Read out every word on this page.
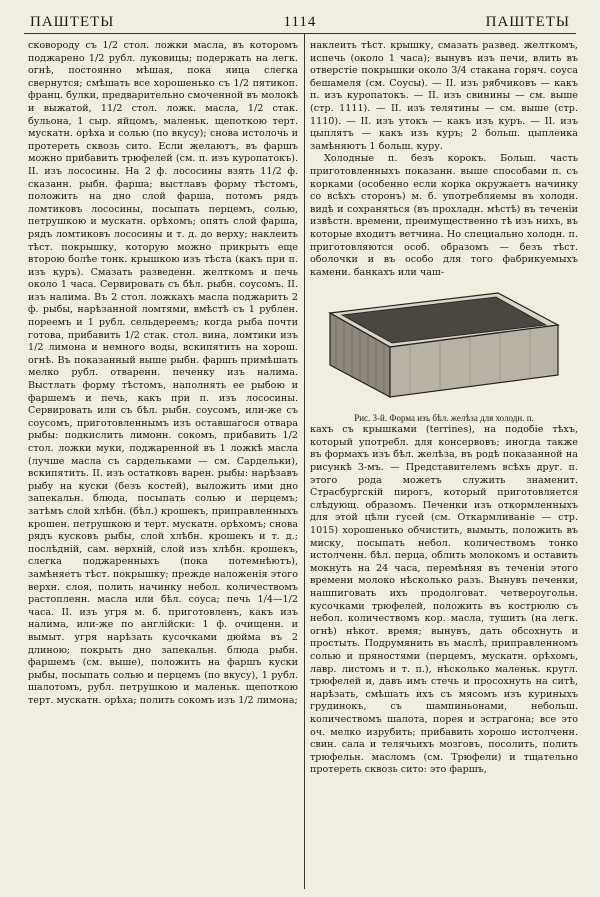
ПАШТЕТЫ	1114	ПАШТЕТЫ

сковороду съ 1/2 стол. ложки масла, въ которомъ поджарено 1/2 рубл. луковицы; подержать на легк. огнѣ, постоянно мѣшая, пока яица слегка свернутся; смѣшать все хорошенько съ 1/2 пятикоп. франц. булки, предварительно смоченной въ молокѣ и выжатой, 11/2 стол. ложк. масла, 1/2 стак. бульона, 1 сыр. яйцомъ, маленьк. щепоткою терт. мускатн. орѣха и солью (по вкусу); снова истолочь и протереть сквозь сито. Если желаютъ, въ фаршъ можно прибавить трюфелей (см. п. изъ куропатокъ). II. изъ лососины. На 2 ф. лососины взять 11/2 ф. сказанн. рыбн. фарша; выстлавъ форму тѣстомъ, положить на дно слой фарша, потомъ рядъ ломтиковъ лососины, посыпать перцемъ, солью, петрушкою и мускатн. орѣхомъ; опять слой фарша, рядъ ломтиковъ лососины и т. д. до верху; наклеить тѣст. покрышку, которую можно прикрыть еще второю болѣе тонк. крышкою изъ тѣста (какъ при п. изъ куръ). Смазать разведенн. желткомъ и печь около 1 часа. Сервировать съ бѣл. рыбн. соусомъ. II. изъ налима. Въ 2 стол. ложкахъ масла поджарить 2 ф. рыбы, нарѣзанной ломтями, вмѣстѣ съ 1 рублен. пореемъ и 1 рубл. сельдереемъ; когда рыба почти готова, прибавить 1/2 стак. стол. вина, ломтики изъ 1/2 лимона и немного воды, вскипятить на хорош. огнѣ. Въ показанный выше рыбн. фаршъ примѣшать мелко рубл. отваренн. печенку изъ налима. Выстлать форму тѣстомъ, наполнять ее рыбою и фаршемъ и печь, какъ при п. изъ лососины. Сервировать или съ бѣл. рыбн. соусомъ, или-же съ соусомъ, приготовленнымъ изъ оставшагося отвара рыбы: подкислить лимонн. сокомъ, прибавить 1/2 стол. ложки муки, поджаренной въ 1 ложкѣ масла (лучше масла съ сардельками — см. Сардельки), вскипятить. II. изъ остатковъ варен. рыбы: нарѣзавъ рыбу на куски (безъ костей), выложить ими дно запекальн. блюда, посыпать солью и перцемъ; затѣмъ слой хлѣбн. (бѣл.) крошекъ, приправленныхъ крошен. петрушкою и терт. мускатн. орѣхомъ; снова рядъ кусковъ рыбы, слой хлѣбн. крошекъ и т. д.; послѣдній, сам. верхній, слой изъ хлѣбн. крошекъ, слегка поджаренныхъ (пока потемнѣютъ), замѣняетъ тѣст. покрышку; прежде наложенія этого верхн. слоя, полить начинку небол. количествомъ растопленн. масла или бѣл. соуса; печь 1/4—1/2 часа. II. изъ угря м. б. приготовленъ, какъ изъ налима, или-же по англійски: 1 ф. очищенн. и вымыт. угря нарѣзать кусочками дюйма въ 2 длиною; покрыть дно запекальн. блюда рыбн. фаршемъ (см. выше), положить на фаршъ куски рыбы, посыпать солью и перцемъ (по вкусу), 1 рубл. шалотомъ, рубл. петрушкою и маленьк. щепоткою терт. мускатн. орѣха; полить сокомъ изъ 1/2 лимона;

наклеить тѣст. крышку, смазать развед. желткомъ, испечь (около 1 часа); вынувъ изъ печи, влить въ отверстіе покрышки около 3/4 стакана горяч. соуса бешамеля (см. Соусы). — II. изъ рябчиковъ — какъ п. изъ куропатокъ. — II. изъ свинины — см. выше (стр. 1111). — II. изъ телятины — см. выше (стр. 1110). — II. изъ утокъ — какъ изъ куръ. — II. изъ цыплятъ — какъ изъ куръ; 2 больш. цыпленка замѣняютъ 1 больш. куру.

Холодные п. безъ корокъ. Больш. часть приготовленныхъ показанн. выше способами п. съ корками (особенно если корка окружаетъ начинку со всѣхъ сторонъ) м. б. употребляемы въ холодн. видѣ и сохраняться (въ прохладн. мѣстѣ) въ теченіи извѣстн. времени, преимущественно тѣ изъ нихъ, въ которые входитъ ветчина. Но специально холодн. п. приготовляются особ. образомъ — безъ тѣст. оболочки и въ особо для того фабрикуемыхъ камени. банкахъ или чаш-

Рис. 3-й. Форма изъ бѣл. желѣза для холодн. п.

кахъ съ крышками (terrines), на подобіе тѣхъ, который употребл. для консервовъ; иногда также въ формахъ изъ бѣл. желѣза, въ родѣ показанной на рисункѣ 3-мъ. — Представителемъ всѣхъ друг. п. этого рода можетъ служить знаменит. Страсбургскій пирогъ, который приготовляется слѣдующ. образомъ. Печенки изъ откормленныхъ для этой цѣли гусей (см. Откармливаніе — стр. 1015) хорошенько обчистить, вымыть, положить въ миску, посыпать небол. количествомъ тонко истолченн. бѣл. перца, облить молокомъ и оставить мокнуть на 24 часа, перемѣняя въ теченіи этого времени молоко нѣсколько разъ. Вынувъ печенки, нашпиговать ихъ продолговат. четвероугольн. кусочками трюфелей, положить въ кострюлю съ небол. количествомъ кор. масла, тушить (на легк. огнѣ) нѣкот. время; вынувъ, дать обсохнуть и простыть. Подрумянить въ маслѣ, приправленномъ солью и пряностями (перцемъ, мускатн. орѣхомъ, лавр. листомъ и т. п.), нѣсколько маленьк. кругл. трюфелей и, давъ имъ стечь и просохнуть на ситѣ, нарѣзать, смѣшать ихъ съ мясомъ изъ куриныхъ грудинокъ, съ шампиньонами, небольш. количествомъ шалота, порея и эстрагона; все это оч. мелко изрубить; прибавить хорошо истолченн. свин. сала и телячьихъ мозговъ, посолить, полить трюфельн. масломъ (см. Трюфели) и тщательно протереть сквозь сито: это фаршъ,
